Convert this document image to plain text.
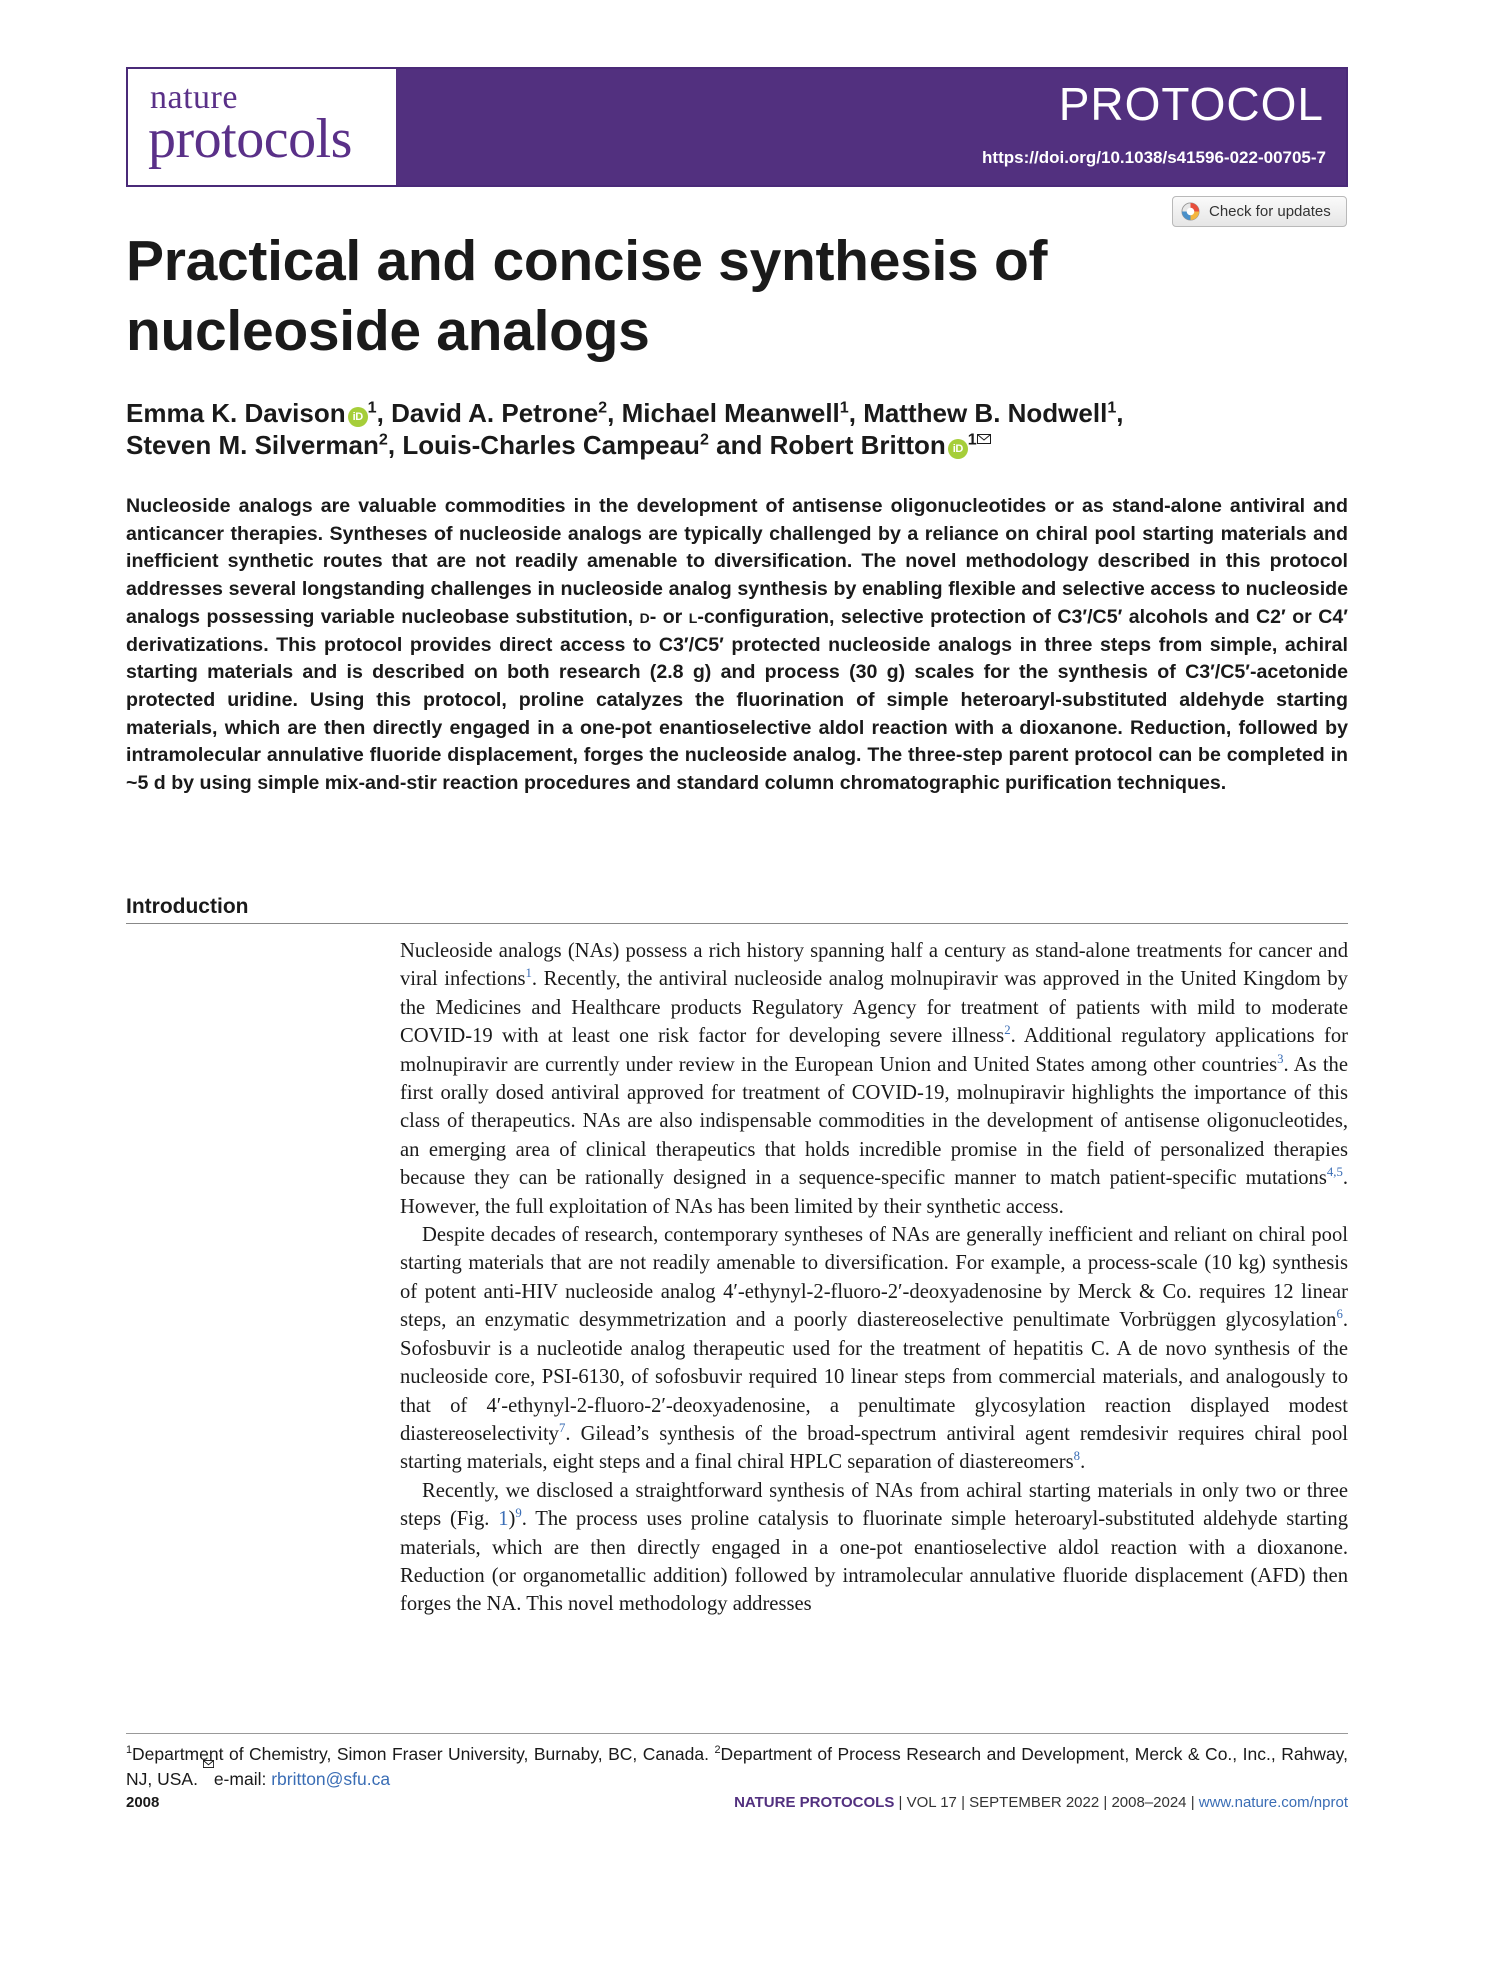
nature
protocols
PROTOCOL
https://doi.org/10.1038/s41596-022-00705-7
Check for updates
Practical and concise synthesis of nucleoside analogs
Emma K. Davison $iD^1$, David A. Petrone$^2$, Michael Meanwell$^1$, Matthew B. Nodwell$^1$,
Steven M. Silverman$^2$, Louis-Charles Campeau$^2$ and Robert Britton $iD^1$

Nucleoside analogs are valuable commodities in the development of antisense oligonucleotides or as stand-alone antiviral and anticancer therapies. Syntheses of nucleoside analogs are typically challenged by a reliance on chiral pool starting materials and inefficient synthetic routes that are not readily amenable to diversification. The novel methodology described in this protocol addresses several longstanding challenges in nucleoside analog synthesis by enabling flexible and selective access to nucleoside analogs possessing variable nucleobase substitution, d- or l-configuration, selective protection of C3′/C5′ alcohols and C2′ or C4′ derivatizations. This protocol provides direct access to C3′/C5′ protected nucleoside analogs in three steps from simple, achiral starting materials and is described on both research (2.8 g) and process (30 g) scales for the synthesis of C3′/C5′-acetonide protected uridine. Using this protocol, proline catalyzes the fluorination of simple heteroaryl-substituted aldehyde starting materials, which are then directly engaged in a one-pot enantioselective aldol reaction with a dioxanone. Reduction, followed by intramolecular annulative fluoride displacement, forges the nucleoside analog. The three-step parent protocol can be completed in ~5 d by using simple mix-and-stir reaction procedures and standard column chromatographic purification techniques.

Introduction

Nucleoside analogs (NAs) possess a rich history spanning half a century as stand-alone treatments for cancer and viral infections$^1$. Recently, the antiviral nucleoside analog molnupiravir was approved in the United Kingdom by the Medicines and Healthcare products Regulatory Agency for treatment of patients with mild to moderate COVID-19 with at least one risk factor for developing severe illness$^2$. Additional regulatory applications for molnupiravir are currently under review in the European Union and United States among other countries$^3$. As the first orally dosed antiviral approved for treatment of COVID-19, molnupiravir highlights the importance of this class of therapeutics. NAs are also indispensable commodities in the development of antisense oligonucleotides, an emerging area of clinical therapeutics that holds incredible promise in the field of personalized therapies because they can be rationally designed in a sequence-specific manner to match patient-specific mutations$^{4,5}$. However, the full exploitation of NAs has been limited by their synthetic access.

Despite decades of research, contemporary syntheses of NAs are generally inefficient and reliant on chiral pool starting materials that are not readily amenable to diversification. For example, a process-scale (10 kg) synthesis of potent anti-HIV nucleoside analog 4′-ethynyl-2-fluoro-2′-deoxyadenosine by Merck & Co. requires 12 linear steps, an enzymatic desymmetrization and a poorly diastereoselective penultimate Vorbrüggen glycosylation$^6$. Sofosbuvir is a nucleotide analog therapeutic used for the treatment of hepatitis C. A de novo synthesis of the nucleoside core, PSI-6130, of sofosbuvir required 10 linear steps from commercial materials, and analogously to that of 4′-ethynyl-2-fluoro-2′-deoxyadenosine, a penultimate glycosylation reaction displayed modest diastereoselectivity$^7$. Gilead’s synthesis of the broad-spectrum antiviral agent remdesivir requires chiral pool starting materials, eight steps and a final chiral HPLC separation of diastereomers$^8$.

Recently, we disclosed a straightforward synthesis of NAs from achiral starting materials in only two or three steps (Fig. 1)$^9$. The process uses proline catalysis to fluorinate simple heteroaryl-substituted aldehyde starting materials, which are then directly engaged in a one-pot enantioselective aldol reaction with a dioxanone. Reduction (or organometallic addition) followed by intramolecular annulative fluoride displacement (AFD) then forges the NA. This novel methodology addresses

$^1$Department of Chemistry, Simon Fraser University, Burnaby, BC, Canada. $^2$Department of Process Research and Development, Merck & Co., Inc., Rahway, NJ, USA. e-mail: rbritton@sfu.ca

2008	NATURE PROTOCOLS | VOL 17 | SEPTEMBER 2022 | 2008–2024 | www.nature.com/nprot
